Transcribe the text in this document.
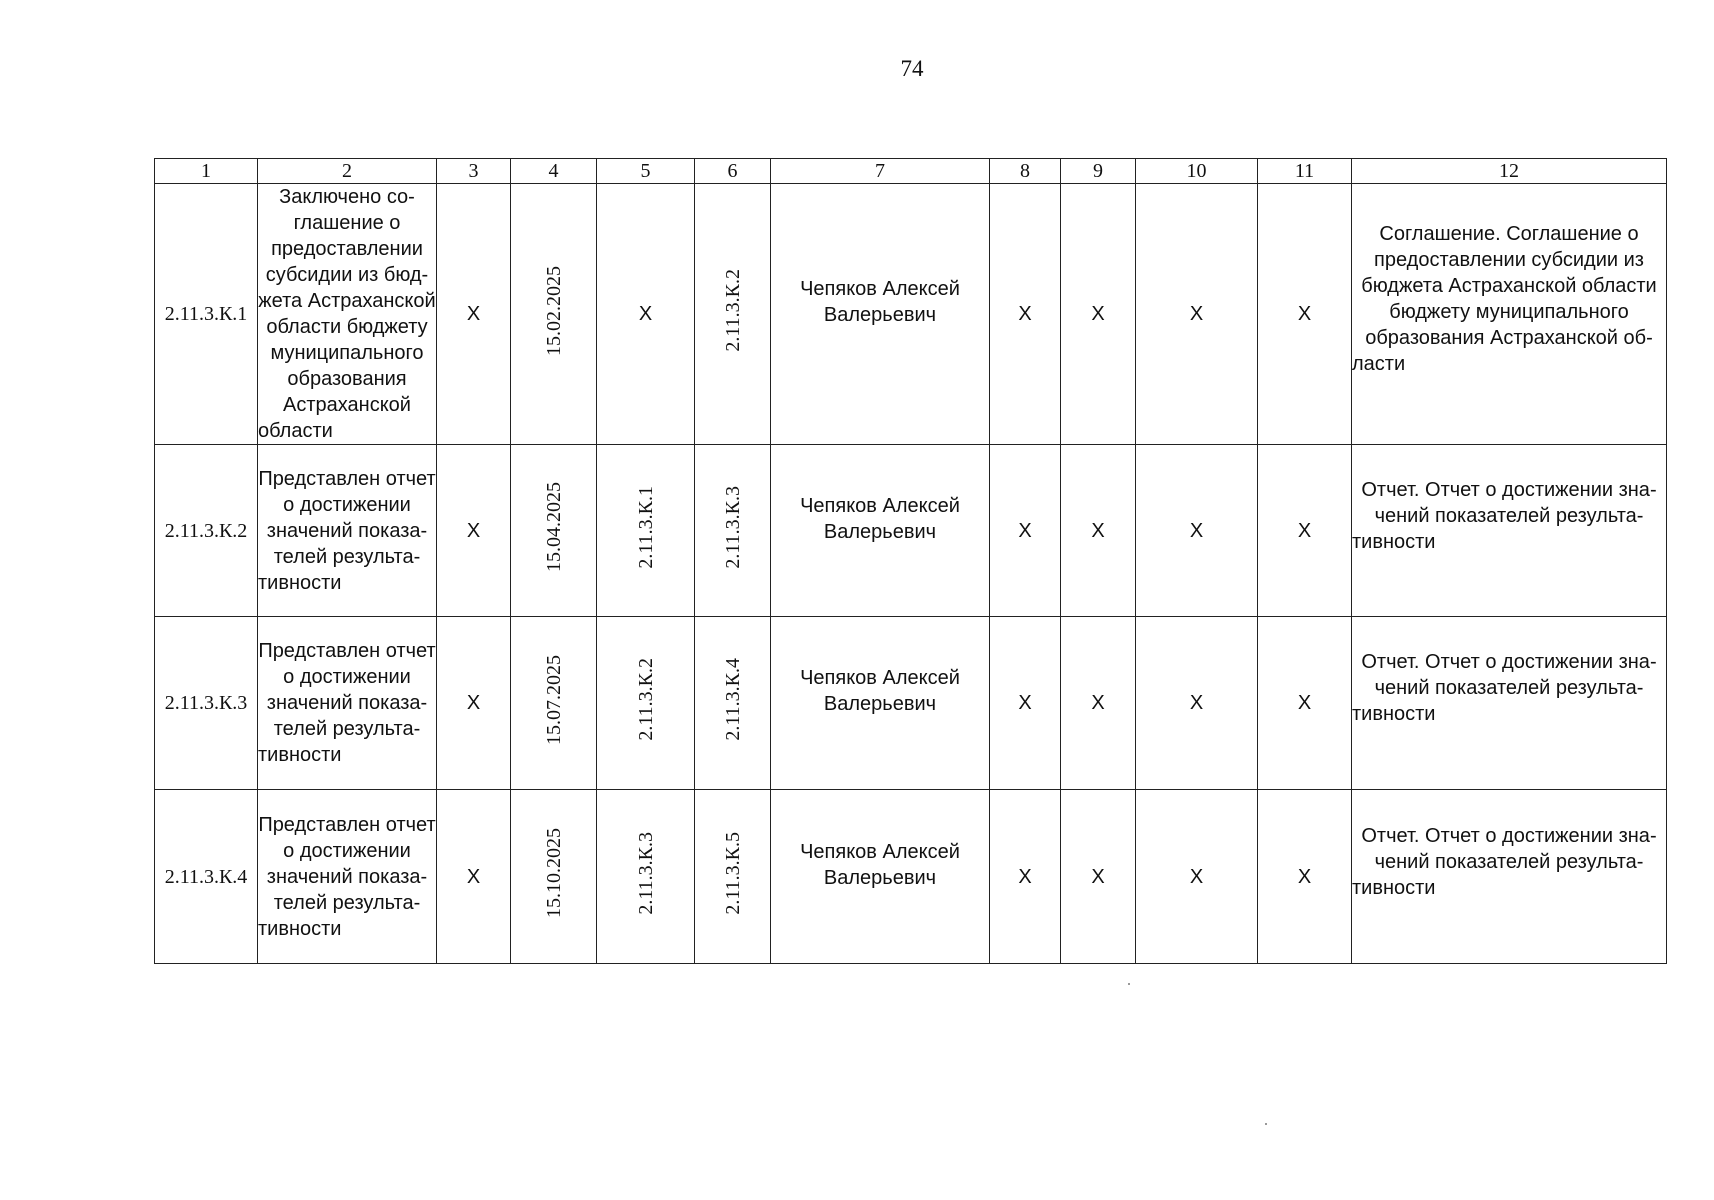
74
1	2	3	4	5	6	7	8	9	10	11	12
2.11.3.К.1	Заключено соглашение о предоставлении субсидии из бюджета Астраханской области бюджету муниципального образования Астраханской области	X	15.02.2025	X	2.11.3.К.2	Чепяков Алексей Валерьевич	X	X	X	X	Соглашение. Соглашение о предоставлении субсидии из бюджета Астраханской области бюджету муниципального образования Астраханской области

2.11.3.К.2	Представлен отчет о достижении значений показателей результативности	X	15.04.2025	2.11.3.К.1	2.11.3.К.3	Чепяков Алексей Валерьевич	X	X	X	X	Отчет. Отчет о достижении значений показателей результативности

2.11.3.К.3	Представлен отчет о достижении значений показателей результативности	X	15.07.2025	2.11.3.К.2	2.11.3.К.4	Чепяков Алексей Валерьевич	X	X	X	X	Отчет. Отчет о достижении значений показателей результативности

2.11.3.К.4	Представлен отчет о достижении значений показателей результативности	X	15.10.2025	2.11.3.К.3	2.11.3.К.5	Чепяков Алексей Валерьевич	X	X	X	X	Отчет. Отчет о достижении значений показателей результативности
